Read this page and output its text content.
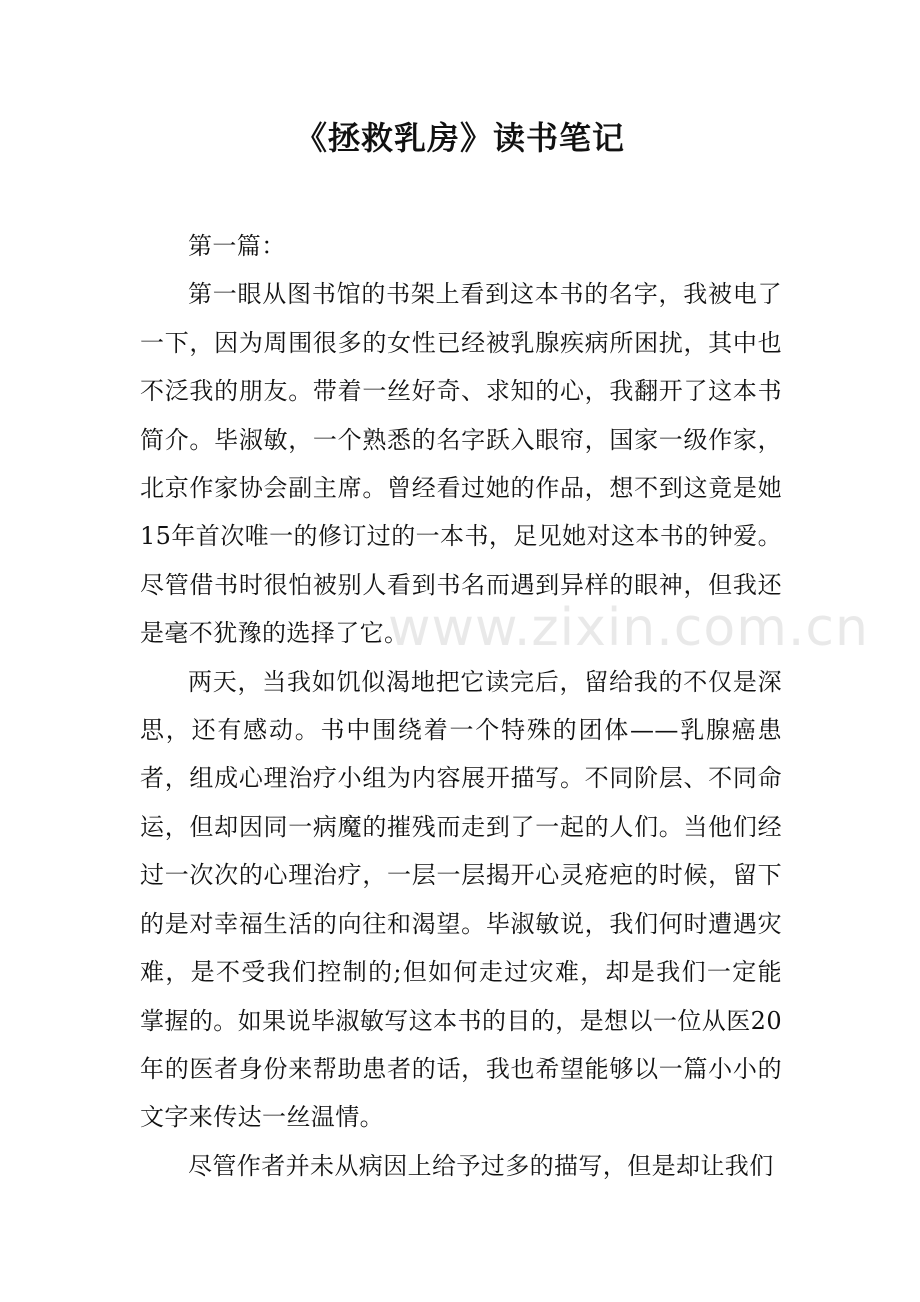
《拯救乳房》读书笔记

第一篇：

第一眼从图书馆的书架上看到这本书的名字，我被电了一下，因为周围很多的女性已经被乳腺疾病所困扰，其中也不泛我的朋友。带着一丝好奇、求知的心，我翻开了这本书简介。毕淑敏，一个熟悉的名字跃入眼帘，国家一级作家，北京作家协会副主席。曾经看过她的作品，想不到这竟是她15年首次唯一的修订过的一本书，足见她对这本书的钟爱。尽管借书时很怕被别人看到书名而遇到异样的眼神，但我还是毫不犹豫的选择了它。

两天，当我如饥似渴地把它读完后，留给我的不仅是深思，还有感动。书中围绕着一个特殊的团体——乳腺癌患者，组成心理治疗小组为内容展开描写。不同阶层、不同命运，但却因同一病魔的摧残而走到了一起的人们。当他们经过一次次的心理治疗，一层一层揭开心灵疮疤的时候，留下的是对幸福生活的向往和渴望。毕淑敏说，我们何时遭遇灾难，是不受我们控制的;但如何走过灾难，却是我们一定能掌握的。如果说毕淑敏写这本书的目的，是想以一位从医20年的医者身份来帮助患者的话，我也希望能够以一篇小小的文字来传达一丝温情。

尽管作者并未从病因上给予过多的描写，但是却让我们

www.zixin.com.cn
